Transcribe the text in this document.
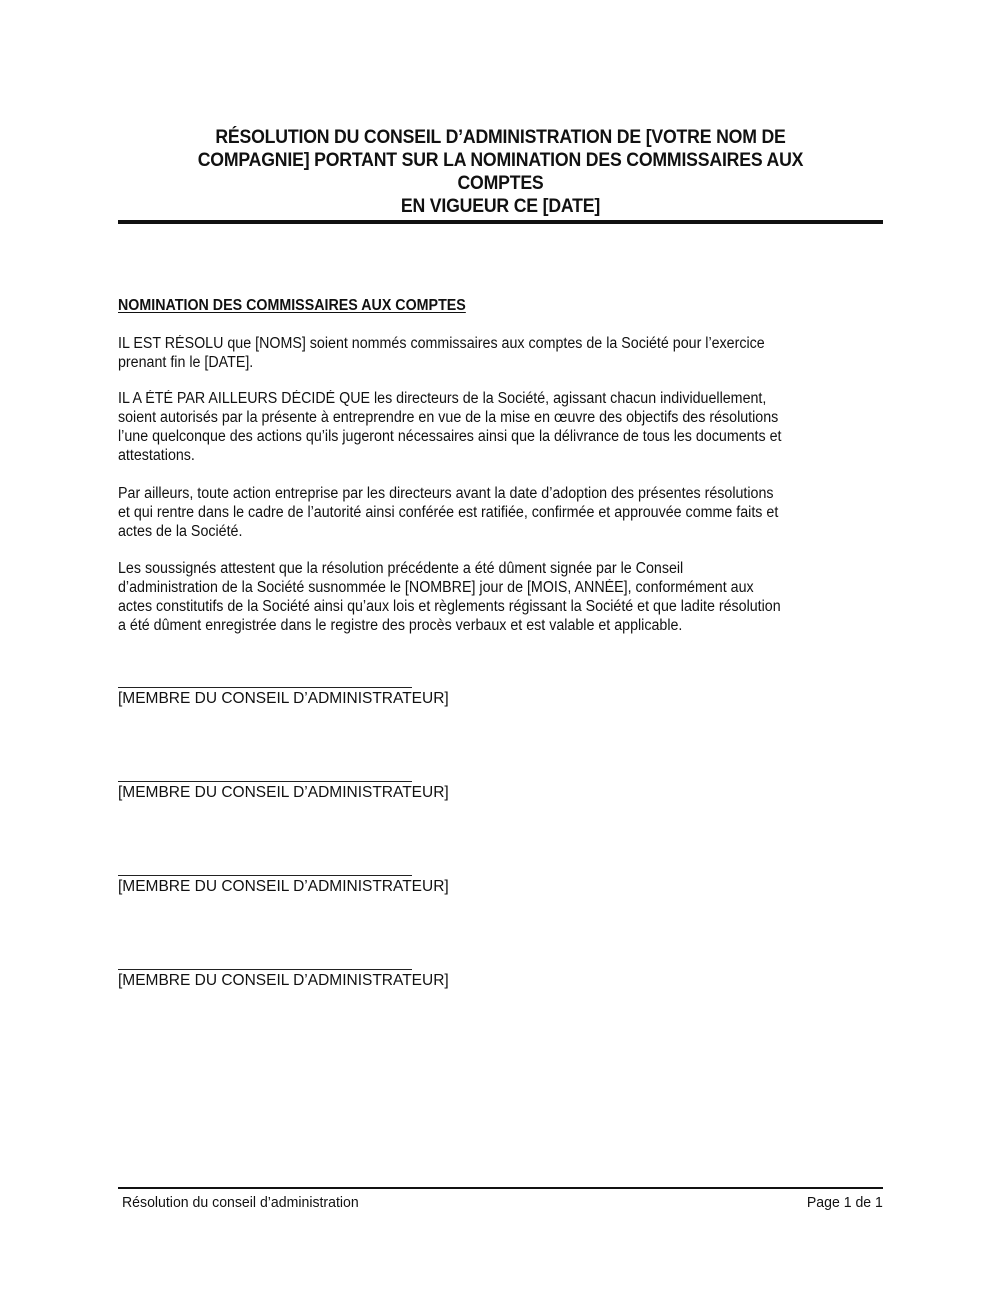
RÉSOLUTION DU CONSEIL D’ADMINISTRATION DE [VOTRE NOM DE
COMPAGNIE] PORTANT SUR LA NOMINATION DES COMMISSAIRES AUX
COMPTES
EN VIGUEUR CE [DATE]
NOMINATION DES COMMISSAIRES AUX COMPTES
IL EST RÉSOLU que [NOMS] soient nommés commissaires aux comptes de la Société pour l’exercice
prenant fin le [DATE].
IL A ÉTÉ PAR AILLEURS DÉCIDÉ QUE les directeurs de la Société, agissant chacun individuellement,
soient autorisés par la présente à entreprendre en vue de la mise en œuvre des objectifs des résolutions
l’une quelconque des actions qu’ils jugeront nécessaires ainsi que la délivrance de tous les documents et
attestations.
Par ailleurs, toute action entreprise par les directeurs avant la date d’adoption des présentes résolutions
et qui rentre dans le cadre de l’autorité ainsi conférée est ratifiée, confirmée et approuvée comme faits et
actes de la Société.
Les soussignés attestent que la résolution précédente a été dûment signée par le Conseil
d’administration de la Société susnommée le [NOMBRE] jour de [MOIS, ANNÉE], conformément aux
actes constitutifs de la Société ainsi qu’aux lois et règlements régissant la Société et que ladite résolution
a été dûment enregistrée dans le registre des procès verbaux et est valable et applicable.
[MEMBRE DU CONSEIL D’ADMINISTRATEUR]
[MEMBRE DU CONSEIL D’ADMINISTRATEUR]
[MEMBRE DU CONSEIL D’ADMINISTRATEUR]
[MEMBRE DU CONSEIL D’ADMINISTRATEUR]
Résolution du conseil d’administration	Page 1 de 1
